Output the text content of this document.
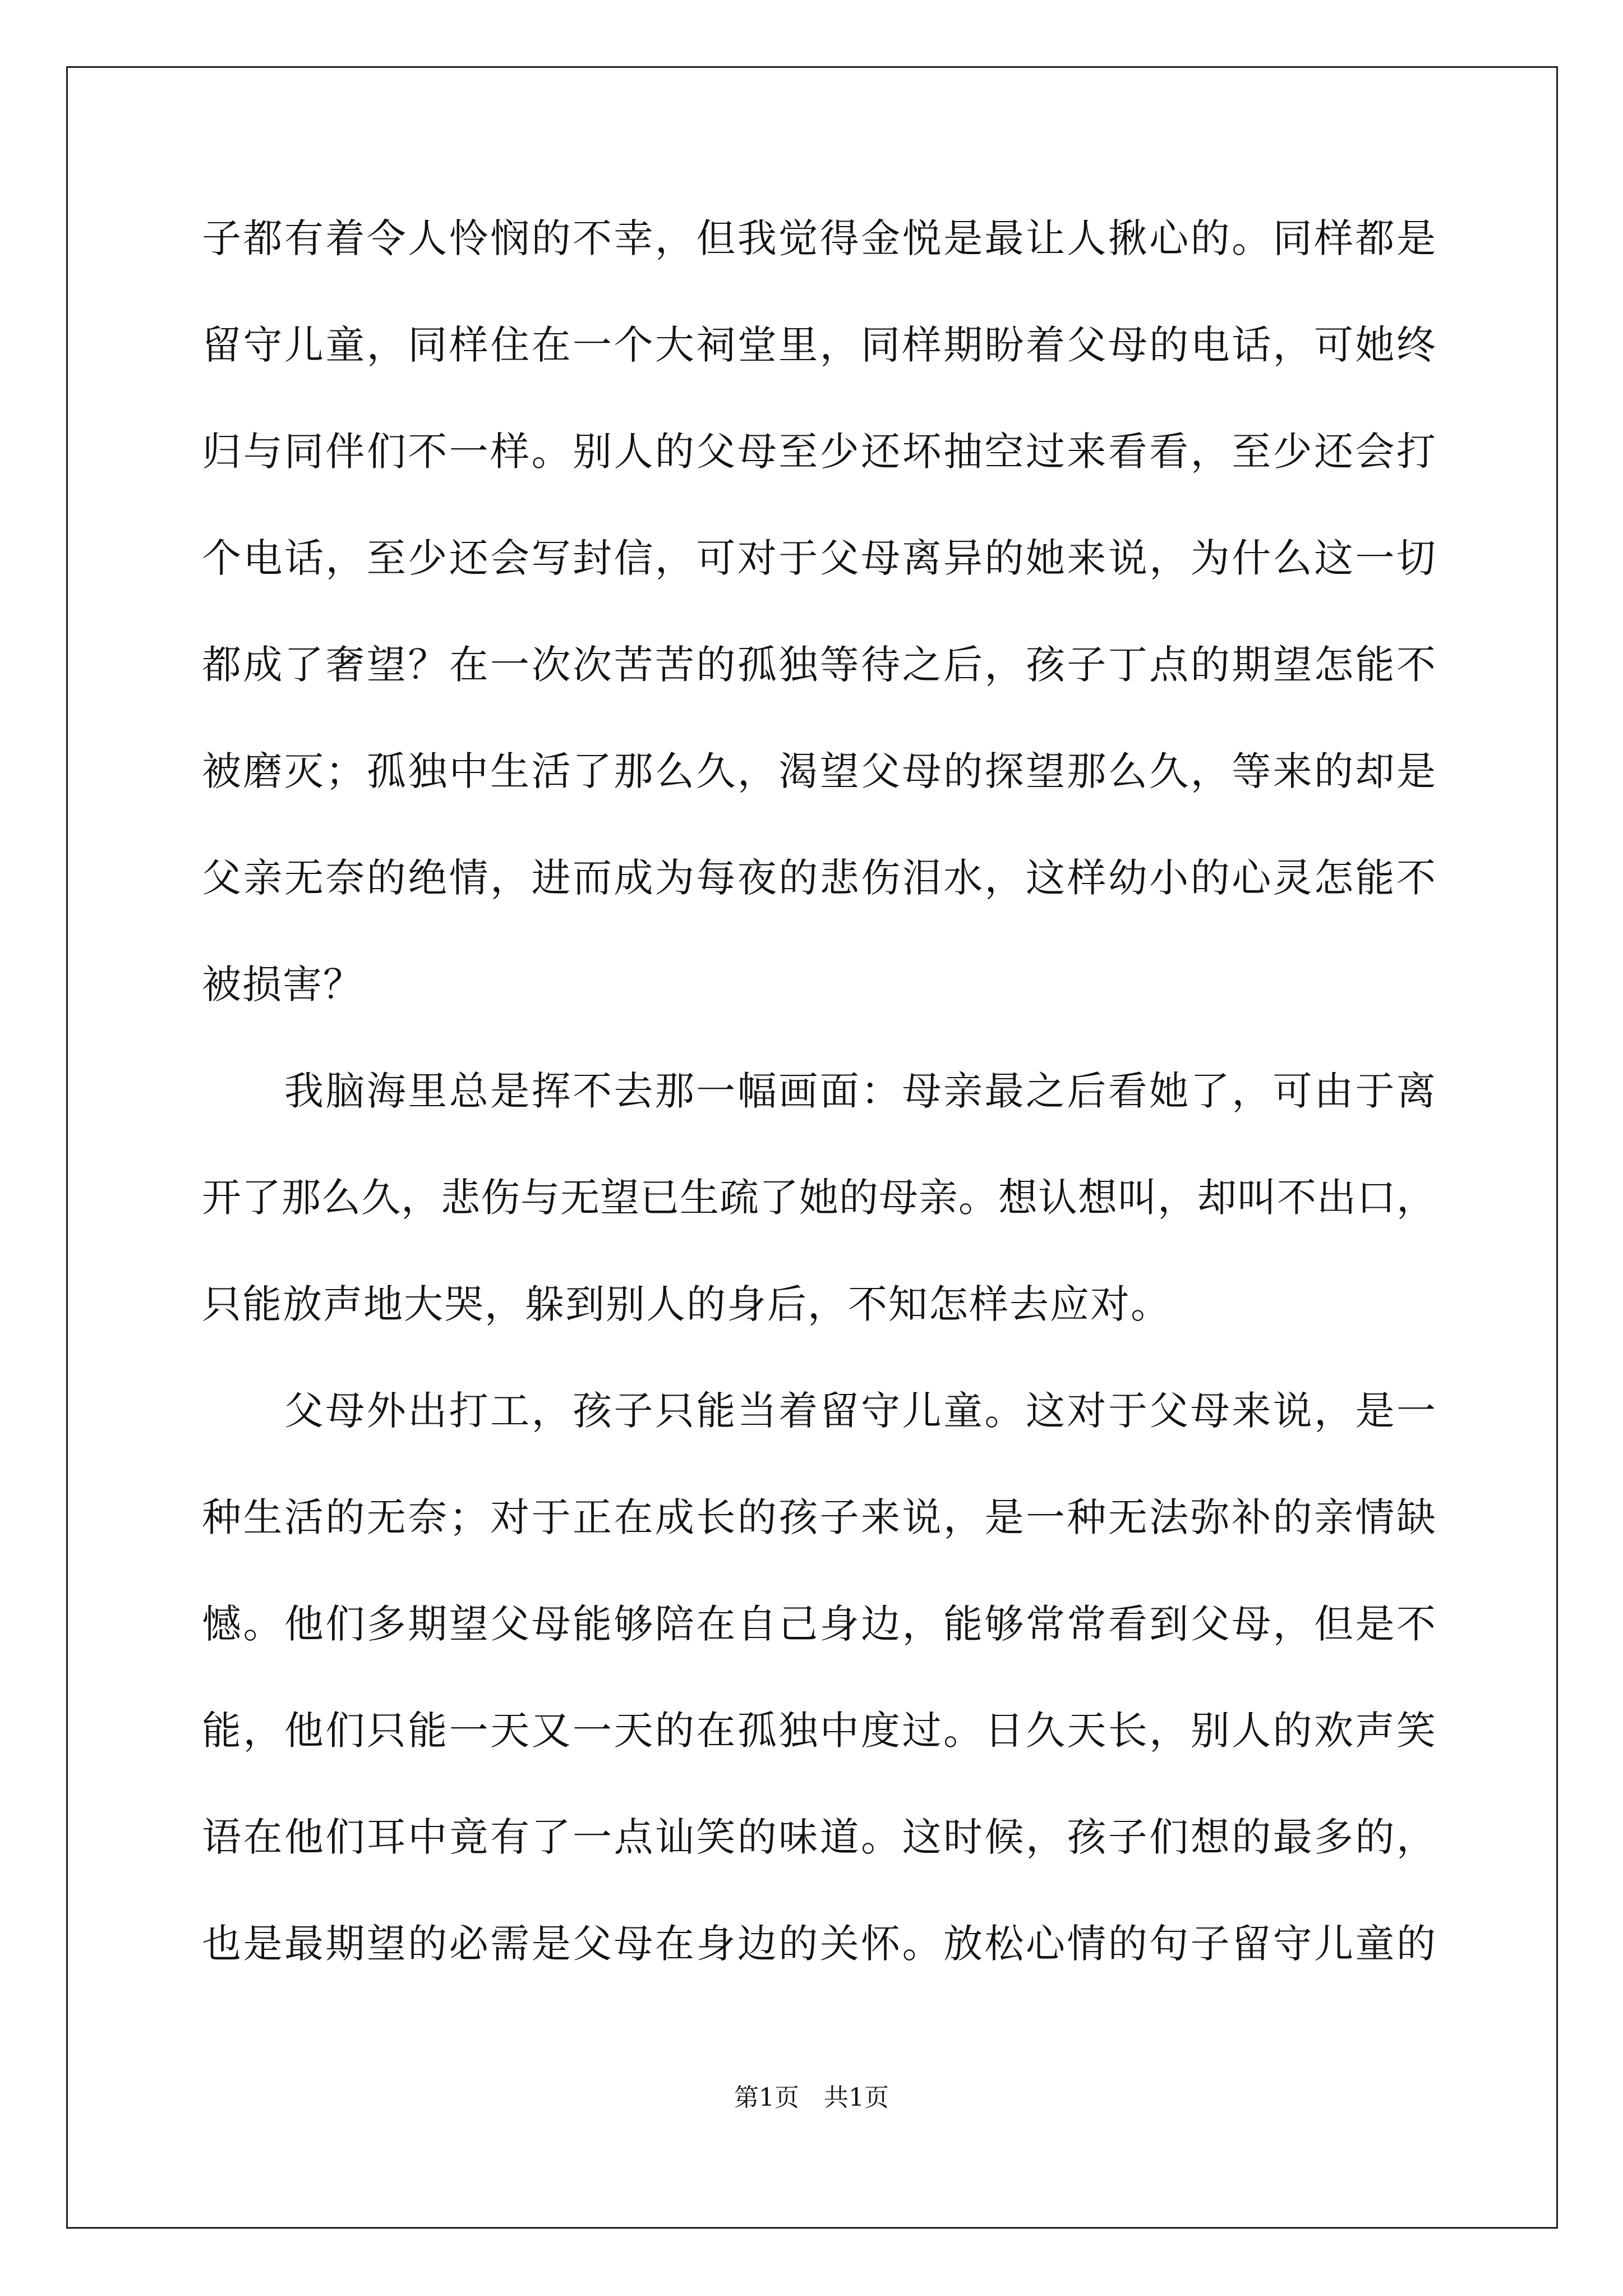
子都有着令人怜悯的不幸，但我觉得金悦是最让人揪心的。同样都是
留守儿童，同样住在一个大祠堂里，同样期盼着父母的电话，可她终
归与同伴们不一样。别人的父母至少还坏抽空过来看看，至少还会打
个电话，至少还会写封信，可对于父母离异的她来说，为什么这一切
都成了奢望？在一次次苦苦的孤独等待之后，孩子丁点的期望怎能不
被磨灭；孤独中生活了那么久，渴望父母的探望那么久，等来的却是
父亲无奈的绝情，进而成为每夜的悲伤泪水，这样幼小的心灵怎能不
被损害？
　　我脑海里总是挥不去那一幅画面：母亲最之后看她了，可由于离
开了那么久，悲伤与无望已生疏了她的母亲。想认想叫，却叫不出口，
只能放声地大哭，躲到别人的身后，不知怎样去应对。
　　父母外出打工，孩子只能当着留守儿童。这对于父母来说，是一
种生活的无奈；对于正在成长的孩子来说，是一种无法弥补的亲情缺
憾。他们多期望父母能够陪在自己身边，能够常常看到父母，但是不
能，他们只能一天又一天的在孤独中度过。日久天长，别人的欢声笑
语在他们耳中竟有了一点讪笑的味道。这时候，孩子们想的最多的，
也是最期望的必需是父母在身边的关怀。放松心情的句子留守儿童的
第1页　共1页
